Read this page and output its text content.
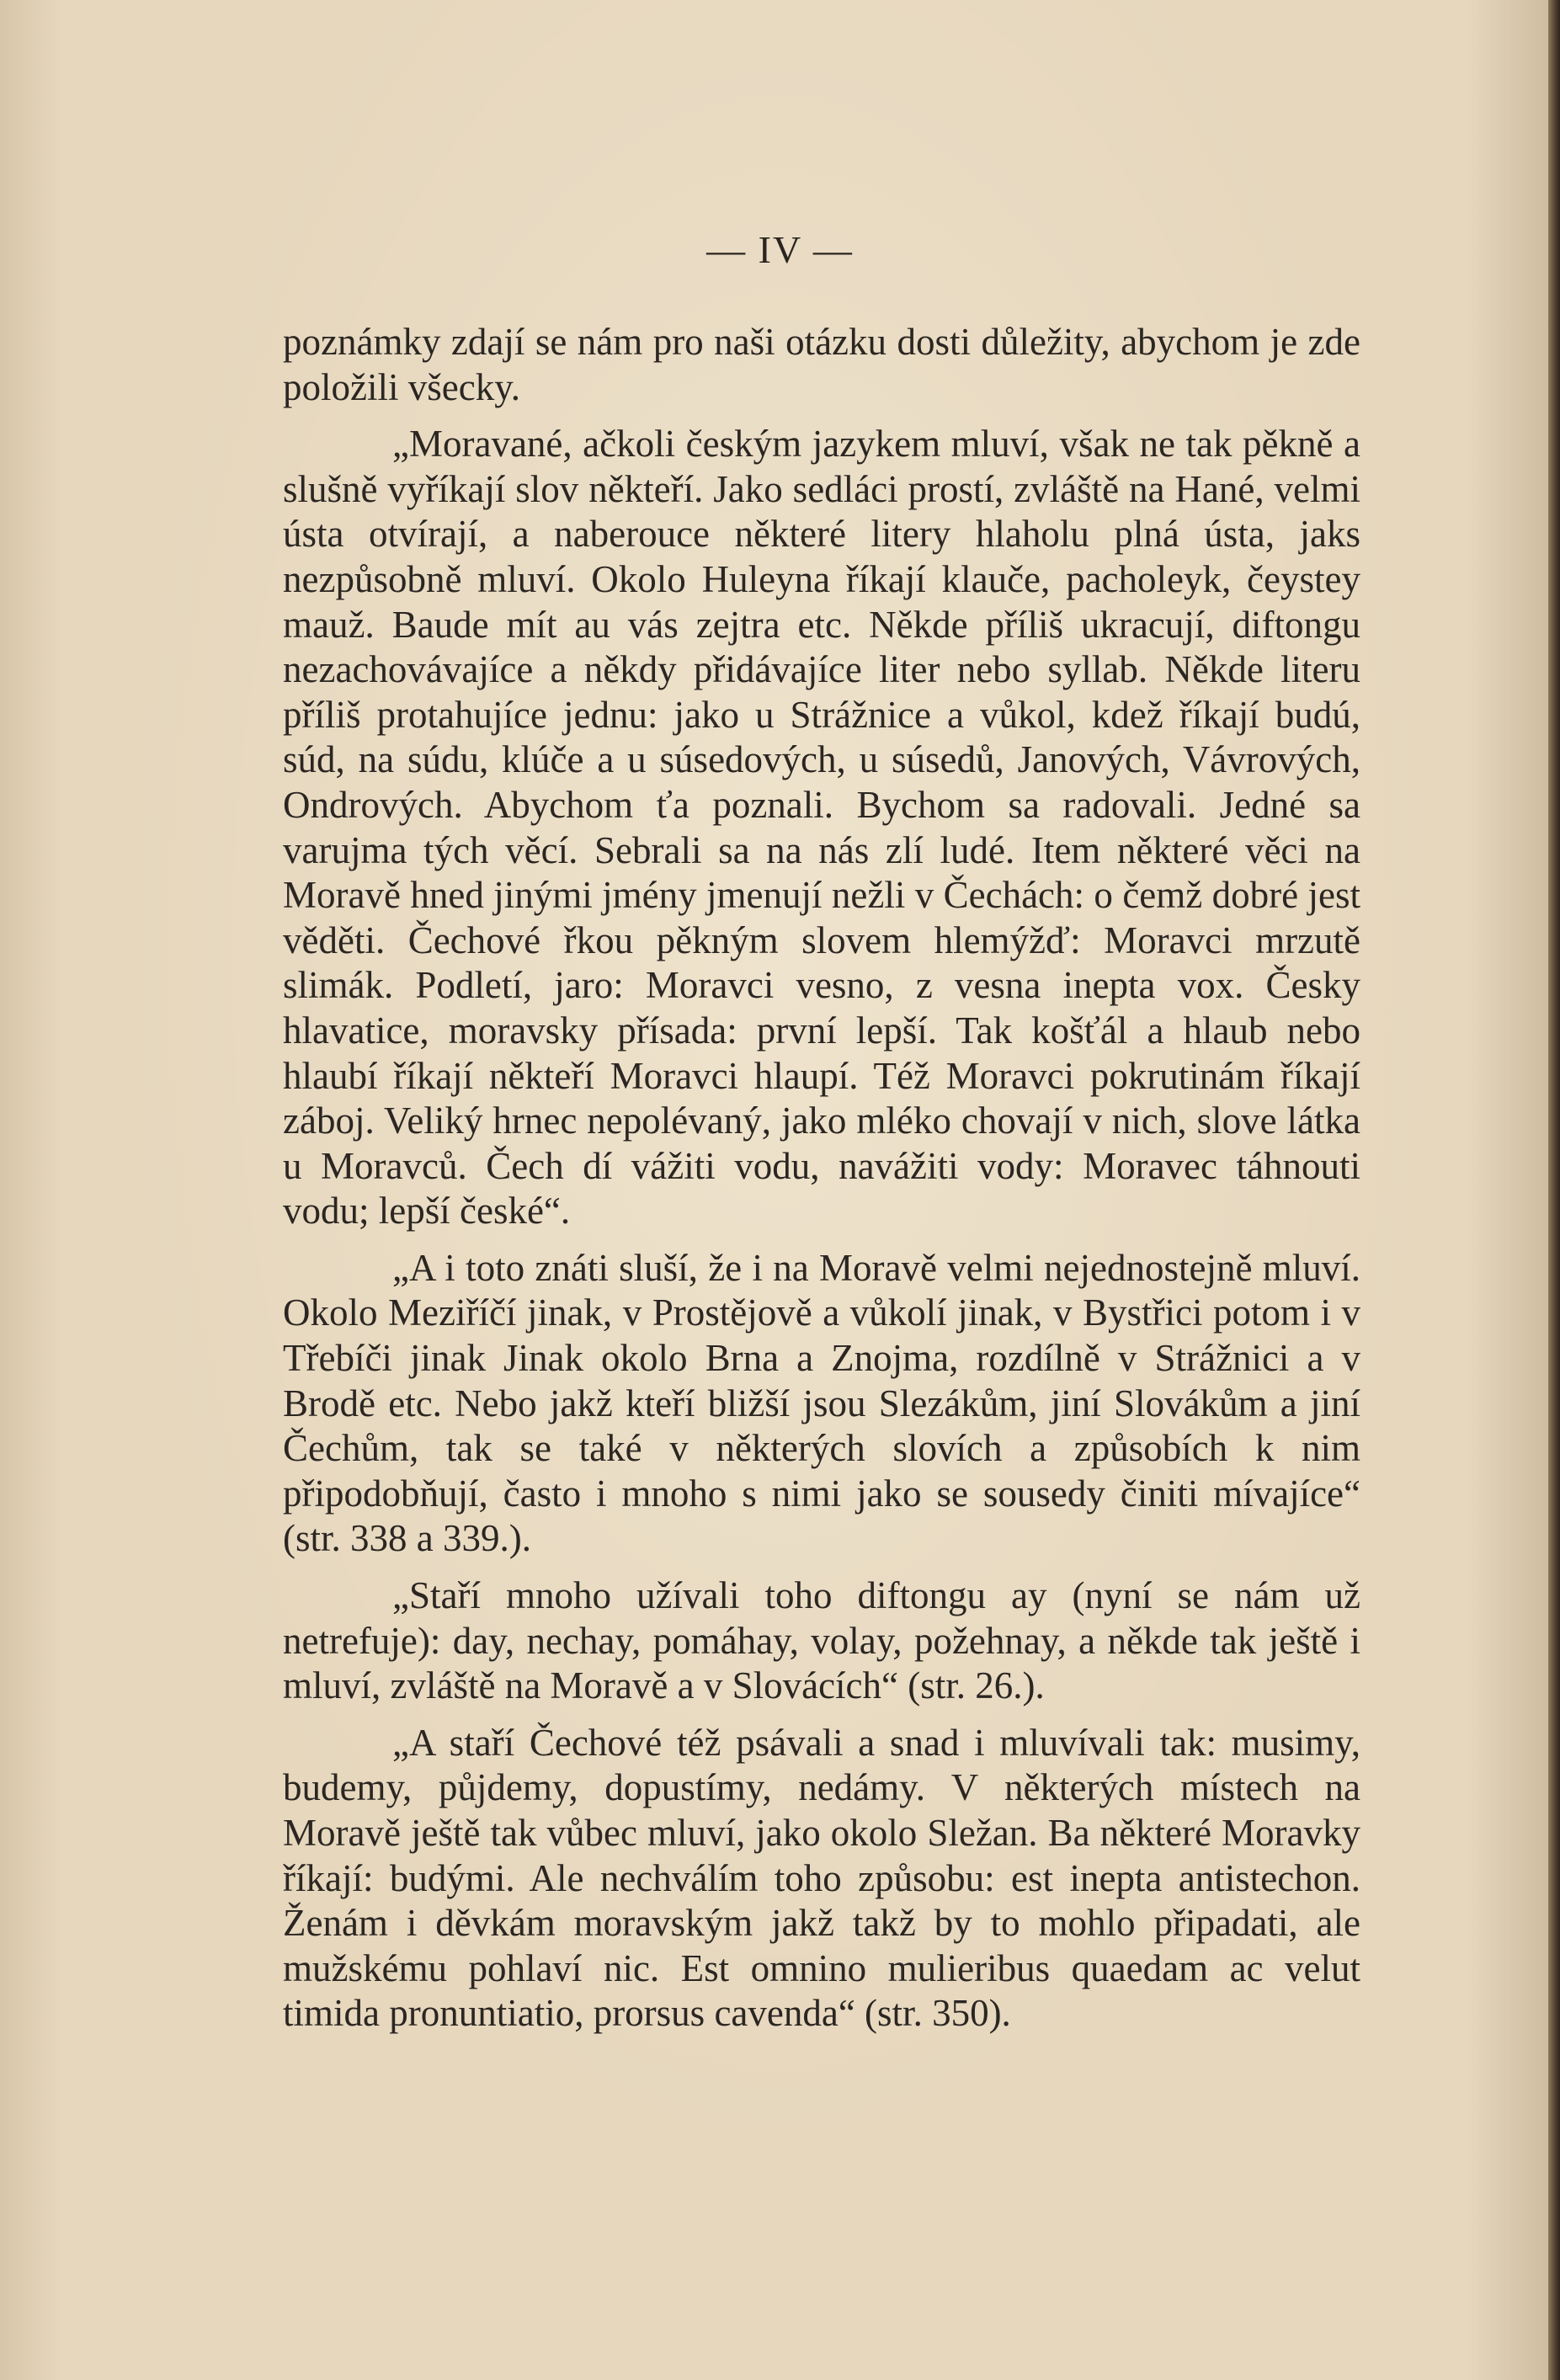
— IV —

poznámky zdají se nám pro naši otázku dosti důležity, abychom je zde položili všecky.

„Moravané, ačkoli českým jazykem mluví, však ne tak pěkně a slušně vyříkají slov někteří. Jako sedláci prostí, zvláště na Hané, velmi ústa otvírají, a naberouce některé litery hlaholu plná ústa, jaks nezpůsobně mluví. Okolo Huleyna říkají klauče, pacholeyk, čeystey mauž. Baude mít au vás zejtra etc. Někde příliš ukracují, diftongu nezachovávajíce a někdy přidávajíce liter nebo syllab. Někde literu příliš protahujíce jednu: jako u Strážnice a vůkol, kdež říkají budú, súd, na súdu, klúče a u súsedových, u súsedů, Janových, Vávrových, Ondrových. Abychom ťa poznali. Bychom sa radovali. Jedné sa varujma tých věcí. Sebrali sa na nás zlí ludé. Item některé věci na Moravě hned jinými jmény jmenují nežli v Čechách: o čemž dobré jest věděti. Čechové řkou pěkným slovem hlemýžď: Moravci mrzutě slimák. Podletí, jaro: Moravci vesno, z vesna inepta vox. Česky hlavatice, moravsky přísada: první lepší. Tak košťál a hlaub nebo hlaubí říkají někteří Moravci hlaupí. Též Moravci pokrutinám říkají záboj. Veliký hrnec nepolévaný, jako mléko chovají v nich, slove látka u Moravců. Čech dí vážiti vodu, navážiti vody: Moravec táhnouti vodu; lepší české“.

„A i toto znáti sluší, že i na Moravě velmi nejednostejně mluví. Okolo Meziříčí jinak, v Prostějově a vůkolí jinak, v Bystřici potom i v Třebíči jinak Jinak okolo Brna a Znojma, rozdílně v Strážnici a v Brodě etc. Nebo jakž kteří bližší jsou Slezákům, jiní Slovákům a jiní Čechům, tak se také v některých slovích a způsobích k nim připodobňují, často i mnoho s nimi jako se sousedy činiti mívajíce“ (str. 338 a 339.).

„Staří mnoho užívali toho diftongu ay (nyní se nám už netrefuje): day, nechay, pomáhay, volay, požehnay, a někde tak ještě i mluví, zvláště na Moravě a v Slovácích“ (str. 26.).

„A staří Čechové též psávali a snad i mluvívali tak: musimy, budemy, půjdemy, dopustímy, nedámy. V některých místech na Moravě ještě tak vůbec mluví, jako okolo Sležan. Ba některé Moravky říkají: budými. Ale nechválím toho způsobu: est inepta antistechon. Ženám i děvkám moravským jakž takž by to mohlo připadati, ale mužskému pohlaví nic. Est omnino mulieribus quaedam ac velut timida pronuntiatio, prorsus cavenda“ (str. 350).
